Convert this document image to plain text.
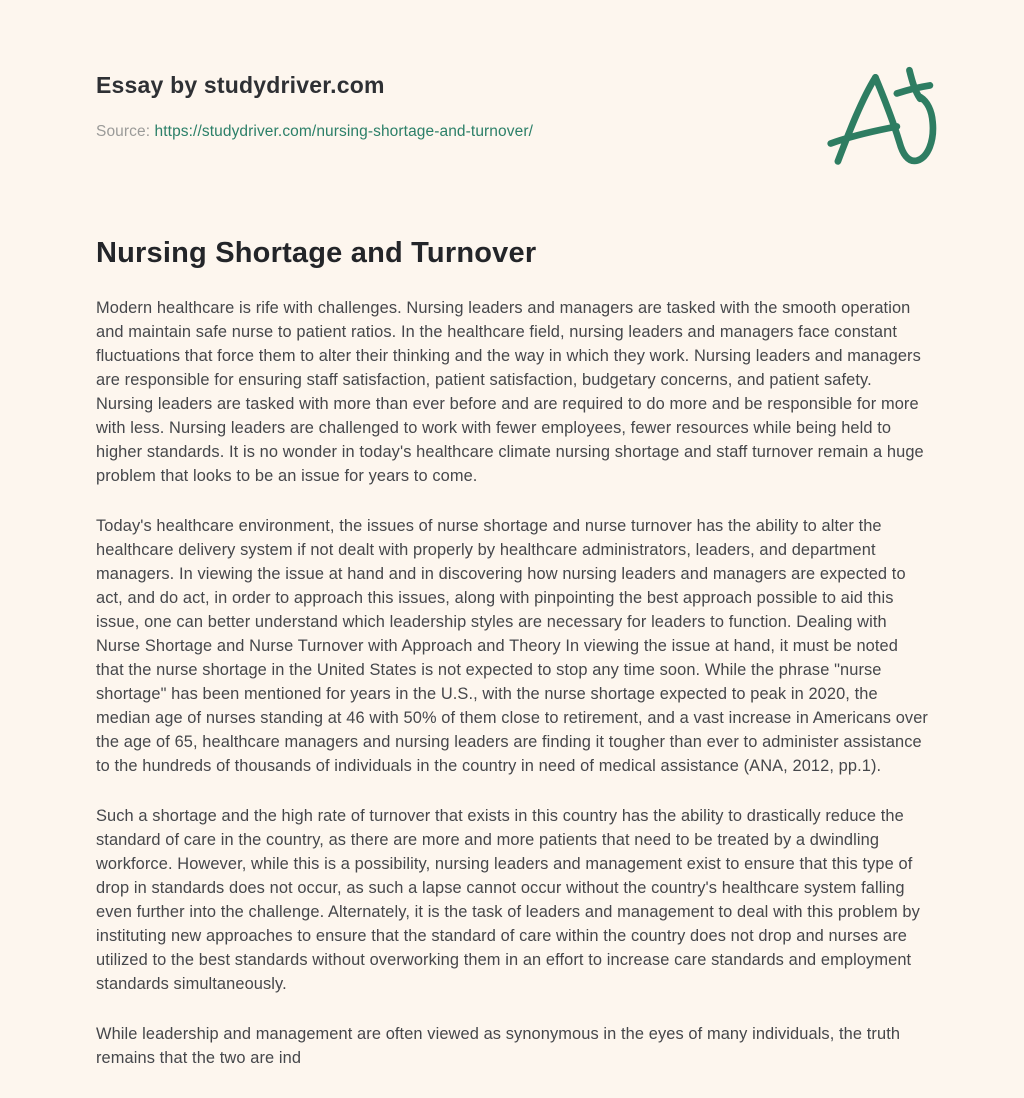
Essay by studydriver.com
Source: https://studydriver.com/nursing-shortage-and-turnover/
Nursing Shortage and Turnover

Modern healthcare is rife with challenges. Nursing leaders and managers are tasked with the smooth operation and maintain safe nurse to patient ratios. In the healthcare field, nursing leaders and managers face constant fluctuations that force them to alter their thinking and the way in which they work. Nursing leaders and managers are responsible for ensuring staff satisfaction, patient satisfaction, budgetary concerns, and patient safety. Nursing leaders are tasked with more than ever before and are required to do more and be responsible for more with less. Nursing leaders are challenged to work with fewer employees, fewer resources while being held to higher standards. It is no wonder in today's healthcare climate nursing shortage and staff turnover remain a huge problem that looks to be an issue for years to come.

Today's healthcare environment, the issues of nurse shortage and nurse turnover has the ability to alter the healthcare delivery system if not dealt with properly by healthcare administrators, leaders, and department managers. In viewing the issue at hand and in discovering how nursing leaders and managers are expected to act, and do act, in order to approach this issues, along with pinpointing the best approach possible to aid this issue, one can better understand which leadership styles are necessary for leaders to function. Dealing with Nurse Shortage and Nurse Turnover with Approach and Theory In viewing the issue at hand, it must be noted that the nurse shortage in the United States is not expected to stop any time soon. While the phrase "nurse shortage" has been mentioned for years in the U.S., with the nurse shortage expected to peak in 2020, the median age of nurses standing at 46 with 50% of them close to retirement, and a vast increase in Americans over the age of 65, healthcare managers and nursing leaders are finding it tougher than ever to administer assistance to the hundreds of thousands of individuals in the country in need of medical assistance (ANA, 2012, pp.1).

Such a shortage and the high rate of turnover that exists in this country has the ability to drastically reduce the standard of care in the country, as there are more and more patients that need to be treated by a dwindling workforce. However, while this is a possibility, nursing leaders and management exist to ensure that this type of drop in standards does not occur, as such a lapse cannot occur without the country's healthcare system falling even further into the challenge. Alternately, it is the task of leaders and management to deal with this problem by instituting new approaches to ensure that the standard of care within the country does not drop and nurses are utilized to the best standards without overworking them in an effort to increase care standards and employment standards simultaneously.

While leadership and management are often viewed as synonymous in the eyes of many individuals, the truth remains that the two are ind
